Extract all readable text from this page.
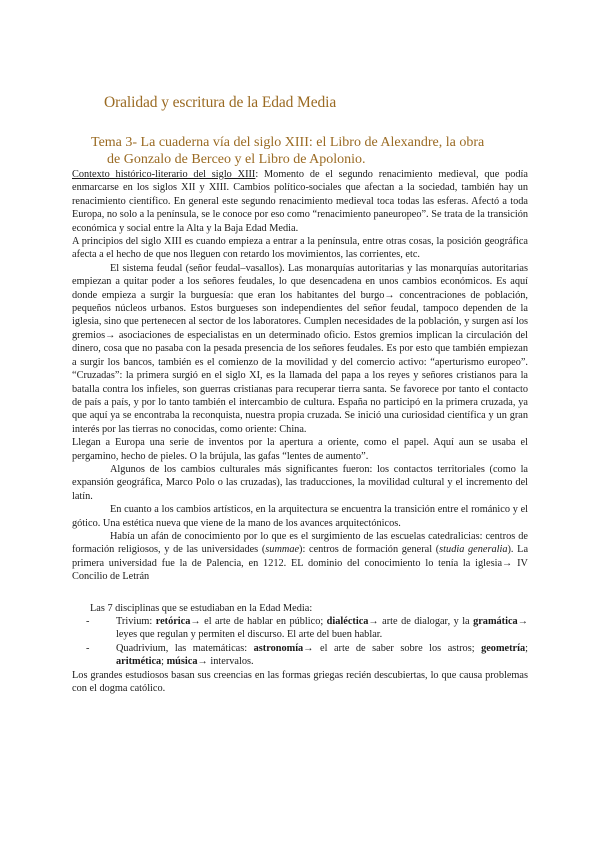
Oralidad y escritura de la Edad Media
Tema 3- La cuaderna vía del siglo XIII: el Libro de Alexandre, la obra
de Gonzalo de Berceo y el Libro de Apolonio.

Contexto histórico-literario del siglo XIII: Momento de el segundo renacimiento medieval, que podía enmarcarse en los siglos XII y XIII. Cambios político-sociales que afectan a la sociedad, también hay un renacimiento científico. En general este segundo renacimiento medieval toca todas las esferas. Afectó a toda Europa, no solo a la península, se le conoce por eso como “renacimiento paneuropeo”. Se trata de la transición económica y social entre la Alta y la Baja Edad Media.

A principios del siglo XIII es cuando empieza a entrar a la península, entre otras cosas, la posición geográfica afecta a el hecho de que nos lleguen con retardo los movimientos, las corrientes, etc.

El sistema feudal (señor feudal–vasallos). Las monarquías autoritarias y las monarquías autoritarias empiezan a quitar poder a los señores feudales, lo que desencadena en unos cambios económicos. Es aquí donde empieza a surgir la burguesía: que eran los habitantes del burgo→ concentraciones de población, pequeños núcleos urbanos. Estos burgueses son independientes del señor feudal, tampoco dependen de la iglesia, sino que pertenecen al sector de los laboratores. Cumplen necesidades de la población, y surgen así los gremios→ asociaciones de especialistas en un determinado oficio. Estos gremios implican la circulación del dinero, cosa que no pasaba con la pesada presencia de los señores feudales. Es por esto que también empiezan a surgir los bancos, también es el comienzo de la movilidad y del comercio activo: “aperturismo europeo”. “Cruzadas”: la primera surgió en el siglo XI, es la llamada del papa a los reyes y señores cristianos para la batalla contra los infieles, son guerras cristianas para recuperar tierra santa. Se favorece por tanto el contacto de país a país, y por lo tanto también el intercambio de cultura. España no participó en la primera cruzada, ya que aquí ya se encontraba la reconquista, nuestra propia cruzada. Se inició una curiosidad científica y un gran interés por las tierras no conocidas, como oriente: China.

Llegan a Europa una serie de inventos por la apertura a oriente, como el papel. Aquí aun se usaba el pergamino, hecho de pieles. O la brújula, las gafas “lentes de aumento”.

Algunos de los cambios culturales más significantes fueron: los contactos territoriales (como la expansión geográfica, Marco Polo o las cruzadas), las traducciones, la movilidad cultural y el incremento del latín.

En cuanto a los cambios artísticos, en la arquitectura se encuentra la transición entre el románico y el gótico. Una estética nueva que viene de la mano de los avances arquitectónicos.

Había un afán de conocimiento por lo que es el surgimiento de las escuelas catedralicias: centros de formación religiosos, y de las universidades (summae): centros de formación general (studia generalia). La primera universidad fue la de Palencia, en 1212. EL dominio del conocimiento lo tenía la iglesia→ IV Concilio de Letrán

Las 7 disciplinas que se estudiaban en la Edad Media:

-	Trivium: retórica→ el arte de hablar en público; dialéctica→ arte de dialogar, y la gramática→ leyes que regulan y permiten el discurso. El arte del buen hablar.
-	Quadrivium, las matemáticas: astronomía→ el arte de saber sobre los astros; geometría; aritmética; música→ intervalos.

Los grandes estudiosos basan sus creencias en las formas griegas recién descubiertas, lo que causa problemas con el dogma católico.
